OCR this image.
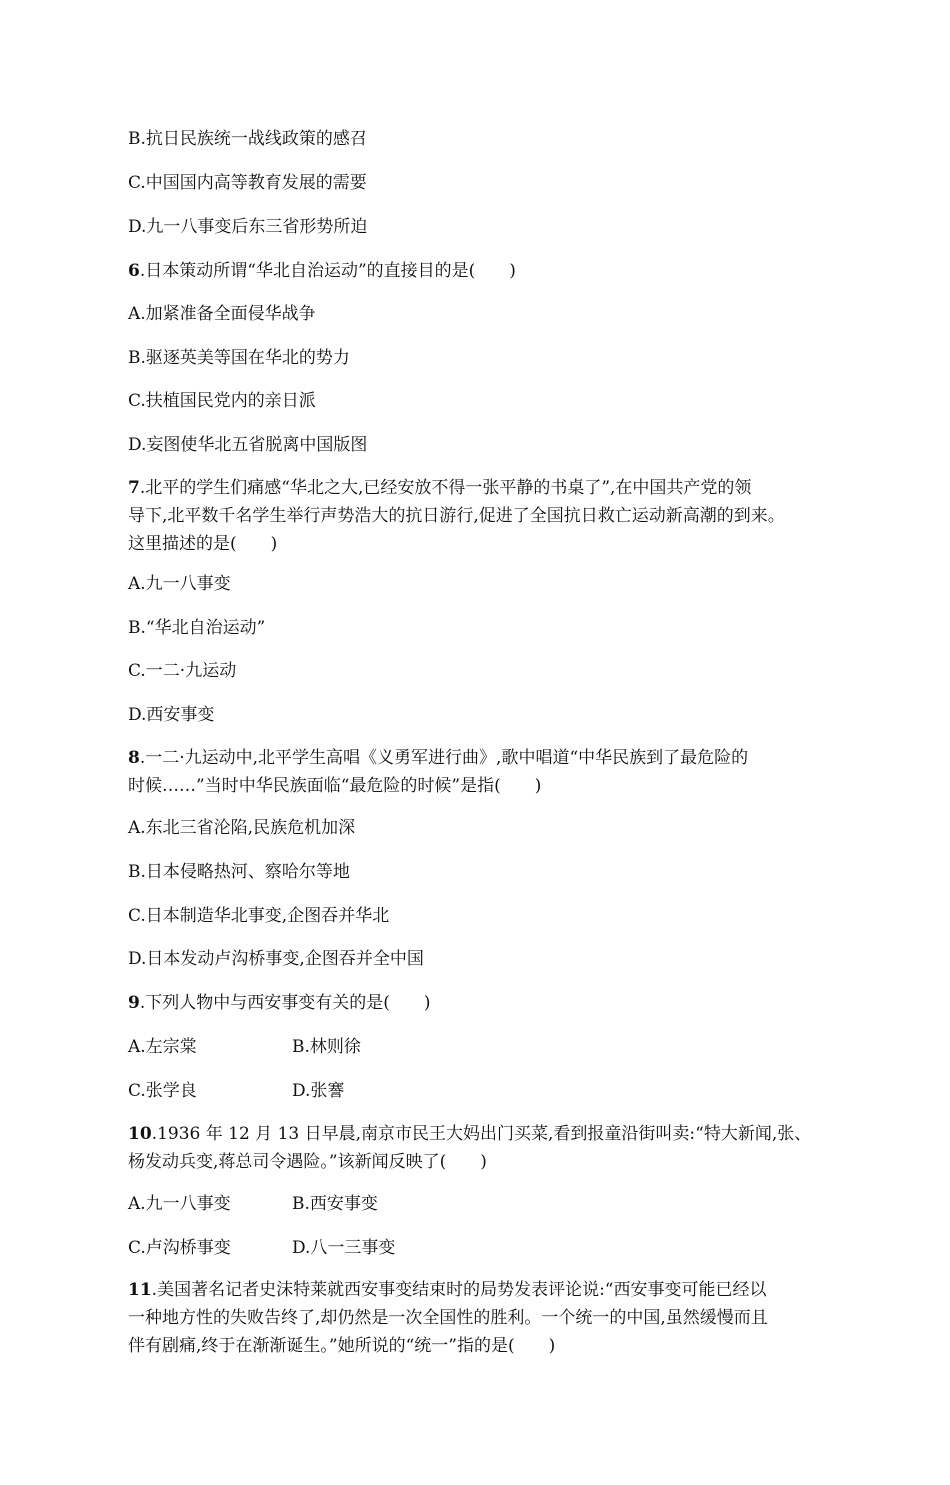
B.抗日民族统一战线政策的感召
C.中国国内高等教育发展的需要
D.九一八事变后东三省形势所迫
6.日本策动所谓“华北自治运动”的直接目的是(　　)
A.加紧准备全面侵华战争
B.驱逐英美等国在华北的势力
C.扶植国民党内的亲日派
D.妄图使华北五省脱离中国版图
7.北平的学生们痛感“华北之大,已经安放不得一张平静的书桌了”,在中国共产党的领
导下,北平数千名学生举行声势浩大的抗日游行,促进了全国抗日救亡运动新高潮的到来。
这里描述的是(　　)
A.九一八事变
B.“华北自治运动”
C.一二·九运动
D.西安事变
8.一二·九运动中,北平学生高唱《义勇军进行曲》,歌中唱道“中华民族到了最危险的
时候……”当时中华民族面临“最危险的时候”是指(　　)
A.东北三省沦陷,民族危机加深
B.日本侵略热河、察哈尔等地
C.日本制造华北事变,企图吞并华北
D.日本发动卢沟桥事变,企图吞并全中国
9.下列人物中与西安事变有关的是(　　)
A.左宗棠	B.林则徐
C.张学良	D.张謇
10.1936 年 12 月 13 日早晨,南京市民王大妈出门买菜,看到报童沿街叫卖:“特大新闻,张、
杨发动兵变,蒋总司令遇险。”该新闻反映了(　　)
A.九一八事变	B.西安事变
C.卢沟桥事变	D.八一三事变
11.美国著名记者史沫特莱就西安事变结束时的局势发表评论说:“西安事变可能已经以
一种地方性的失败告终了,却仍然是一次全国性的胜利。一个统一的中国,虽然缓慢而且
伴有剧痛,终于在渐渐诞生。”她所说的“统一”指的是(　　)
